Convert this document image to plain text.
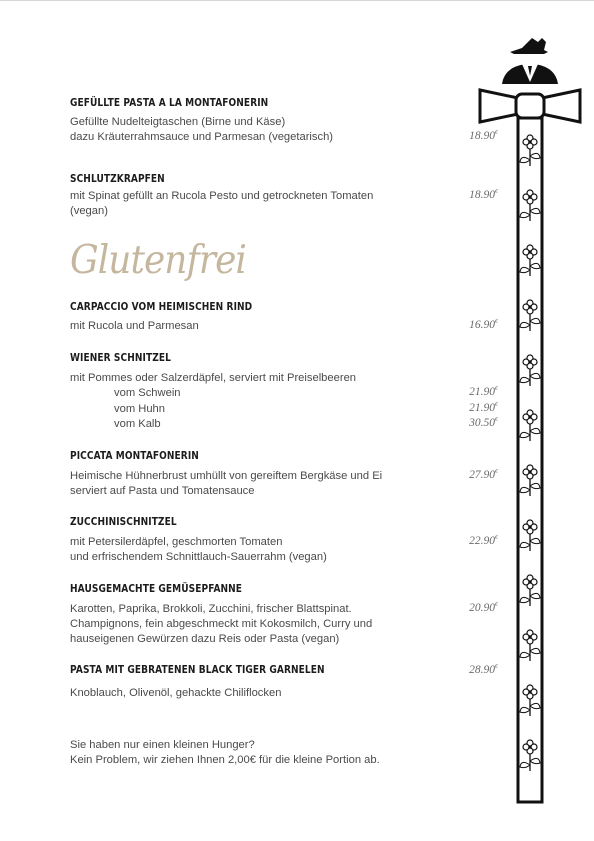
GEFÜLLTE PASTA A LA MONTAFONERIN
Gefüllte Nudelteigtaschen (Birne und Käse)
dazu Kräuterrahmsauce und Parmesan (vegetarisch)	18.90€
SCHLUTZKRAPFEN
mit Spinat gefüllt an Rucola Pesto und getrockneten Tomaten
(vegan)
18.90€
Glutenfrei
CARPACCIO VOM HEIMISCHEN RIND
mit Rucola und Parmesan	16.90€
WIENER SCHNITZEL
mit Pommes oder Salzerdäpfel, serviert mit Preiselbeeren
vom Schwein	21.90€
vom Huhn	21.90€
vom Kalb	30.50€
PICCATA MONTAFONERIN
Heimische Hühnerbrust umhüllt von gereiftem Bergkäse und Ei
serviert auf Pasta und Tomatensauce
27.90€
ZUCCHINISCHNITZEL
mit Petersilerdäpfel, geschmorten Tomaten
und erfrischendem Schnittlauch-Sauerrahm (vegan)
22.90€
HAUSGEMACHTE GEMÜSEPFANNE
Karotten, Paprika, Brokkoli, Zucchini, frischer Blattspinat.
Champignons, fein abgeschmeckt mit Kokosmilch, Curry und
hauseigenen Gewürzen dazu Reis oder Pasta (vegan)
20.90€
PASTA MIT GEBRATENEN BLACK TIGER GARNELEN
Knoblauch, Olivenöl, gehackte Chiliflocken
28.90€
Sie haben nur einen kleinen Hunger?
Kein Problem, wir ziehen Ihnen 2,00€ für die kleine Portion ab.
